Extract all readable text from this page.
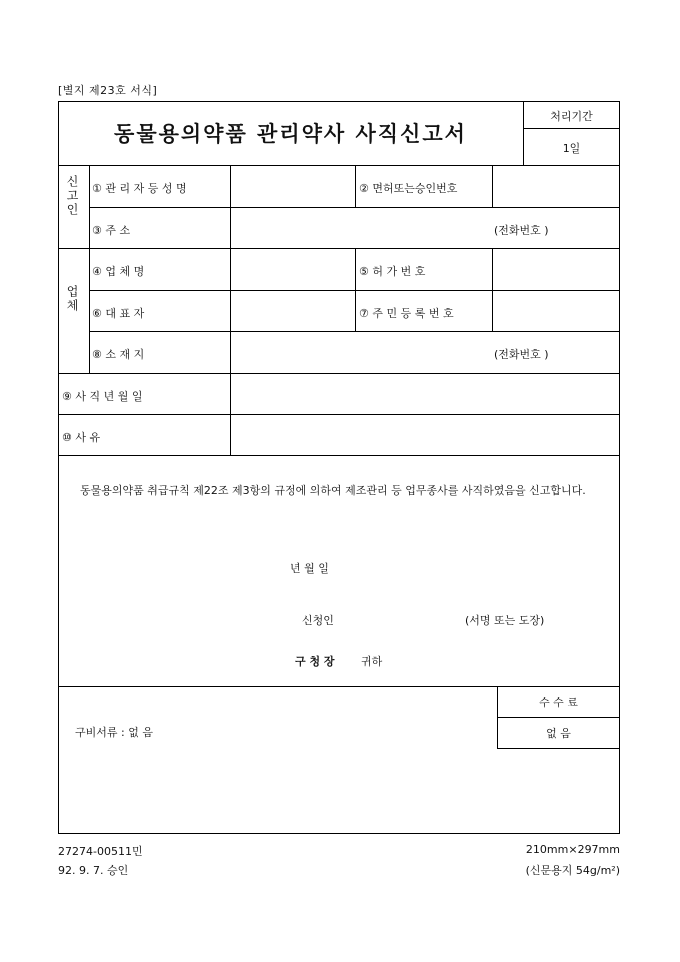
[별지 제23호 서식]
동물용의약품 관리약사 사직신고서
처리기간
1일
신고인 ① 관 리 자 등 성 명	② 면허또는승인번호
③ 주 소	(전화번호 )
업체
④ 업 체 명	⑤ 허 가 번 호
⑥ 대 표 자	⑦ 주 민 등 록 번 호
⑧ 소 재 지	(전화번호 )
⑨ 사 직 년 월 일
⑩ 사 유
동물용의약품 취급규칙 제22조 제3항의 규정에 의하여 제조관리 등 업무종사를 사직하였음을 신고합니다.
년 월 일
신청인	(서명 또는 도장)
구 청 장 귀하
구비서류 : 없 음
수 수 료
없 음
27274-00511민
92. 9. 7. 승인
210mm×297mm
(신문용지 54g/m²)
